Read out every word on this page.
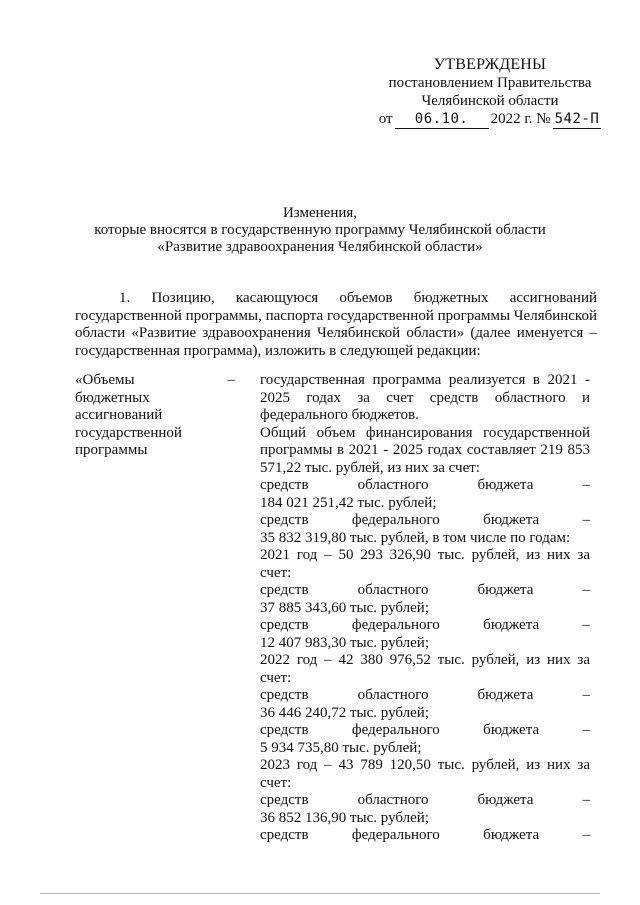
УТВЕРЖДЕНЫ
постановлением Правительства
Челябинской области
от	06.10.	2022 г. № 542-П
Изменения,
которые вносятся в государственную программу Челябинской области
«Развитие здравоохранения Челябинской области»
1. Позицию, касающуюся объемов бюджетных ассигнований государственной программы, паспорта государственной программы Челябинской области «Развитие здравоохранения Челябинской области» (далее именуется – государственная программа), изложить в следующей редакции:
«Объемы	–
бюджетных
ассигнований
государственной
программы

государственная программа реализуется в 2021 - 2025 годах за счет средств областного и федерального бюджетов.

Общий объем финансирования государственной программы в 2021 - 2025 годах составляет 219 853 571,22 тыс. рублей, из них за счет:

средств областного бюджета –

184 021 251,42 тыс. рублей;

средств федерального бюджета –

35 832 319,80 тыс. рублей, в том числе по годам:

2021 год – 50 293 326,90 тыс. рублей, из них за

счет:

средств областного бюджета –

37 885 343,60 тыс. рублей;

средств федерального бюджета –

12 407 983,30 тыс. рублей;

2022 год – 42 380 976,52 тыс. рублей, из них за

счет:

средств областного бюджета –

36 446 240,72 тыс. рублей;

средств федерального бюджета –

5 934 735,80 тыс. рублей;

2023 год – 43 789 120,50 тыс. рублей, из них за

счет:

средств областного бюджета –

36 852 136,90 тыс. рублей;

средств федерального бюджета –
